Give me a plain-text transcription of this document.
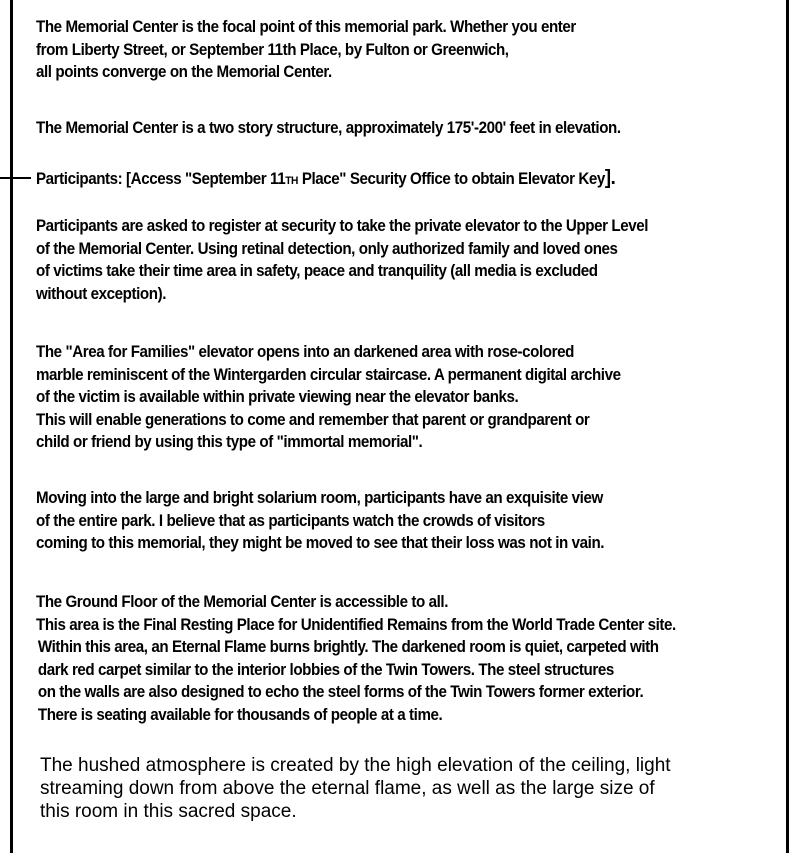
The Memorial Center is the focal point of this memorial park. Whether you enter
from Liberty Street, or September 11th Place, by Fulton or Greenwich,
all points converge on the Memorial Center.

The Memorial Center is a two story structure, approximately 175'-200' feet in elevation.

Participants: [Access "September 11TH Place" Security Office to obtain Elevator Key].

Participants are asked to register at security to take the private elevator to the Upper Level
of the Memorial Center. Using retinal detection, only authorized family and loved ones
of victims take their time area in safety, peace and tranquility (all media is excluded
without exception).

The "Area for Families" elevator opens into an darkened area with rose-colored
marble reminiscent of the Wintergarden circular staircase. A permanent digital archive
of the victim is available within private viewing near the elevator banks.
This will enable generations to come and remember that parent or grandparent or
child or friend by using this type of "immortal memorial".

Moving into the large and bright solarium room, participants have an exquisite view
of the entire park. I believe that as participants watch the crowds of visitors
coming to this memorial, they might be moved to see that their loss was not in vain.

The Ground Floor of the Memorial Center is accessible to all.
This area is the Final Resting Place for Unidentified Remains from the World Trade Center site.
Within this area, an Eternal Flame burns brightly. The darkened room is quiet, carpeted with
dark red carpet similar to the interior lobbies of the Twin Towers. The steel structures
on the walls are also designed to echo the steel forms of the Twin Towers former exterior.
There is seating available for thousands of people at a time.

The hushed atmosphere is created by the high elevation of the ceiling, light
streaming down from above the eternal flame, as well as the large size of
this room in this sacred space.
